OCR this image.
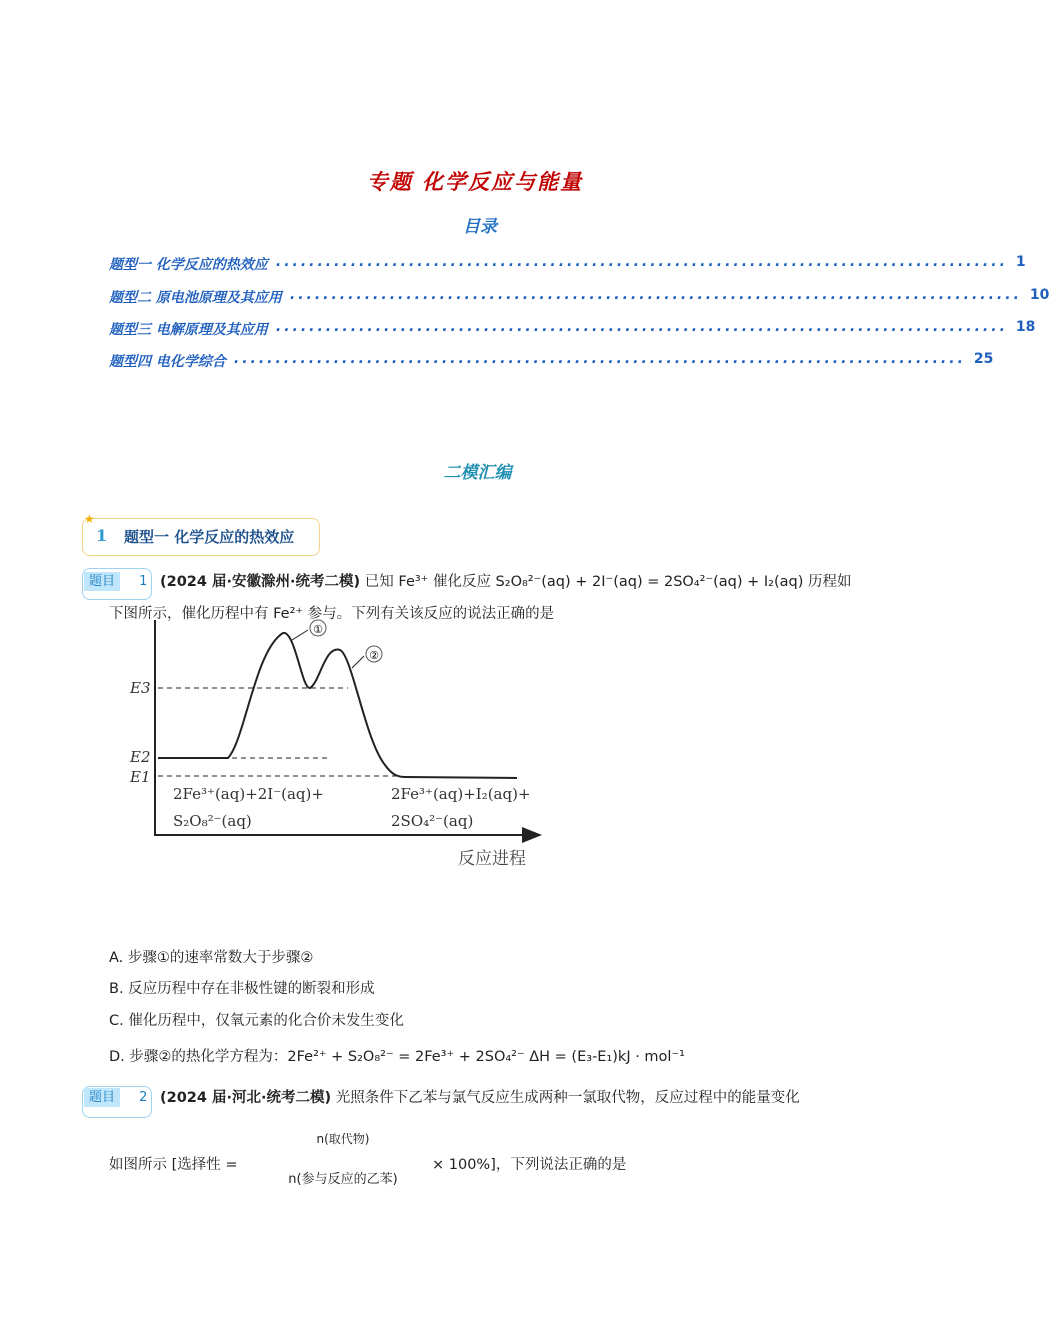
专题 化学反应与能量
目录
题型一 化学反应的热效应 ........................................................................................ 1
题型二 原电池原理及其应用 ........................................................................................ 10
题型三 电解原理及其应用 ........................................................................................ 18
题型四 电化学综合 ........................................................................................ 25
二模汇编
★
1 题型一 化学反应的热效应
题目 1 (2024 届·安徽滁州·统考二模) 已知 Fe³⁺ 催化反应 S₂O₈²⁻(aq) + 2I⁻(aq) = 2SO₄²⁻(aq) + I₂(aq) 历程如
下图所示，催化历程中有 Fe²⁺ 参与。下列有关该反应的说法正确的是
①
②
E3
E2
E1
2Fe³⁺(aq)+2I⁻(aq)+
S₂O₈²⁻(aq)
2Fe³⁺(aq)+I₂(aq)+
2SO₄²⁻(aq)
反应进程
A. 步骤①的速率常数大于步骤②
B. 反应历程中存在非极性键的断裂和形成
C. 催化历程中，仅氧元素的化合价未发生变化
D. 步骤②的热化学方程为：2Fe²⁺ + S₂O₈²⁻ = 2Fe³⁺ + 2SO₄²⁻ ΔH = (E₃-E₁)kJ · mol⁻¹
题目 2 (2024 届·河北·统考二模) 光照条件下乙苯与氯气反应生成两种一氯取代物，反应过程中的能量变化
如图所示 [选择性 =
n(取代物)
n(参与反应的乙苯)
× 100%]，下列说法正确的是
